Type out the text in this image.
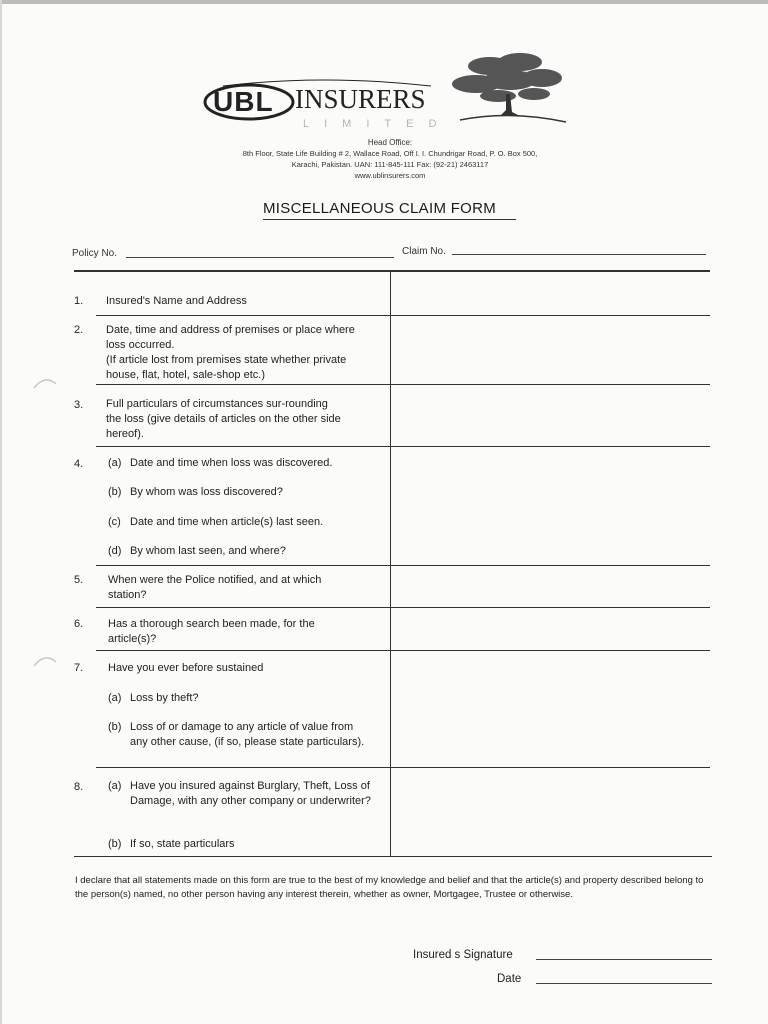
UBL INSURERS
LIMITED
Head Office:
8th Floor, State Life Building # 2, Wallace Road, Off I. I. Chundrigar Road, P. O. Box 500,
Karachi, Pakistan. UAN: 111-845-111 Fax: (92-21) 2463117
www.ublinsurers.com
MISCELLANEOUS CLAIM FORM
Policy No.	Claim No.
1. Insured's Name and Address
2. Date, time and address of premises or place where loss occurred.
(If article lost from premises state whether private house, flat, hotel, sale-shop etc.)
3. Full particulars of circumstances sur-rounding the loss (give details of articles on the other side hereof).
4. (a) Date and time when loss was discovered.
(b) By whom was loss discovered?
(c) Date and time when article(s) last seen.
(d) By whom last seen, and where?
5. When were the Police notified, and at which station?
6. Has a thorough search been made, for the article(s)?
7. Have you ever before sustained
(a) Loss by theft?
(b) Loss of or damage to any article of value from any other cause, (if so, please state particulars).
8. (a) Have you insured against Burglary, Theft, Loss of Damage, with any other company or underwriter?
(b) If so, state particulars
I declare that all statements made on this form are true to the best of my knowledge and belief and that the article(s) and property described belong to the person(s) named, no other person having any interest therein, whether as owner, Mortgagee, Trustee or otherwise.
Insured s Signature
Date
